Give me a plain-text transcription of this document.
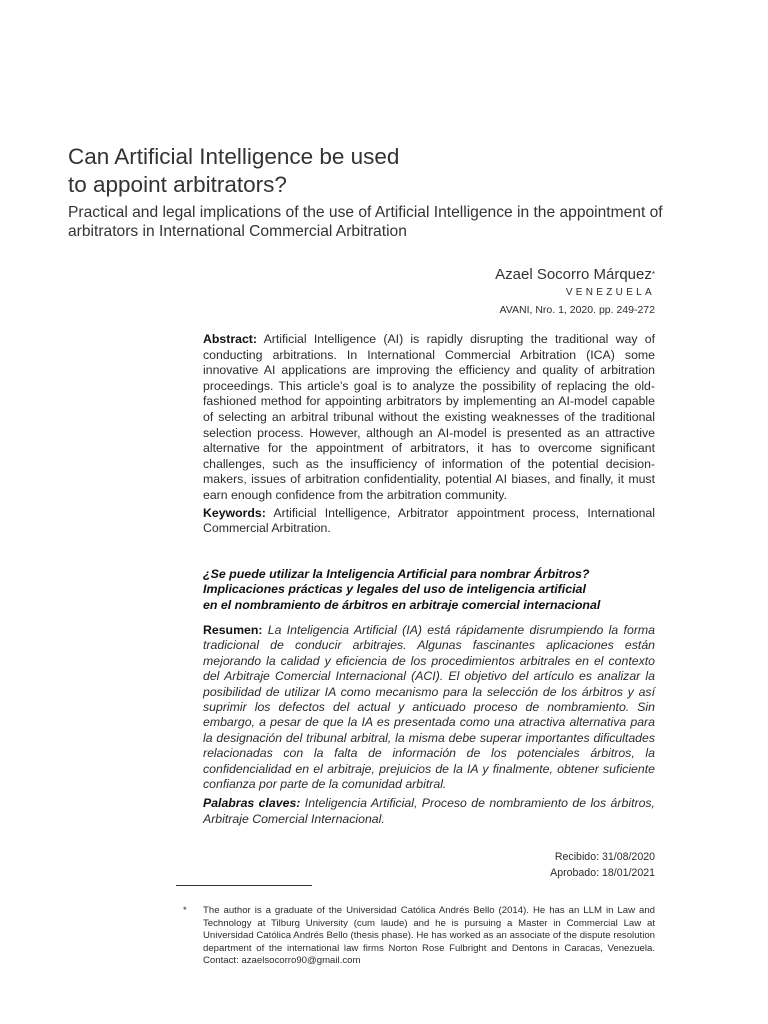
Can Artificial Intelligence be used
to appoint arbitrators?

Practical and legal implications of the use of Artificial Intelligence in the appointment of arbitrators in International Commercial Arbitration

Azael Socorro Márquez*
VENEZUELA
AVANI, Nro. 1, 2020. pp. 249-272

Abstract: Artificial Intelligence (AI) is rapidly disrupting the traditional way of conducting arbitrations. In International Commercial Arbitration (ICA) some innovative AI applications are improving the efficiency and quality of arbitration proceedings. This article’s goal is to analyze the possibility of replacing the old-fashioned method for appointing arbitrators by implementing an AI-model capable of selecting an arbitral tribunal without the existing weaknesses of the traditional selection process. However, although an AI-model is presented as an attractive alternative for the appointment of arbitrators, it has to overcome significant challenges, such as the insufficiency of information of the potential decision-makers, issues of arbitration confidentiality, potential AI biases, and finally, it must earn enough confidence from the arbitration community.

Keywords: Artificial Intelligence, Arbitrator appointment process, International Commercial Arbitration.

¿Se puede utilizar la Inteligencia Artificial para nombrar Árbitros?
Implicaciones prácticas y legales del uso de inteligencia artificial
en el nombramiento de árbitros en arbitraje comercial internacional

Resumen: La Inteligencia Artificial (IA) está rápidamente disrumpiendo la forma tradicional de conducir arbitrajes. Algunas fascinantes aplicaciones están mejorando la calidad y eficiencia de los procedimientos arbitrales en el contexto del Arbitraje Comercial Internacional (ACI). El objetivo del artículo es analizar la posibilidad de utilizar IA como mecanismo para la selección de los árbitros y así suprimir los defectos del actual y anticuado proceso de nombramiento. Sin embargo, a pesar de que la IA es presentada como una atractiva alternativa para la designación del tribunal arbitral, la misma debe superar importantes dificultades relacionadas con la falta de información de los potenciales árbitros, la confidencialidad en el arbitraje, prejuicios de la IA y finalmente, obtener suficiente confianza por parte de la comunidad arbitral.

Palabras claves: Inteligencia Artificial, Proceso de nombramiento de los árbitros, Arbitraje Comercial Internacional.

Recibido: 31/08/2020
Aprobado: 18/01/2021
* The author is a graduate of the Universidad Católica Andrés Bello (2014). He has an LLM in Law and Technology at Tilburg University (cum laude) and he is pursuing a Master in Commercial Law at Universidad Católica Andrés Bello (thesis phase). He has worked as an associate of the dispute resolution department of the international law firms Norton Rose Fulbright and Dentons in Caracas, Venezuela. Contact: azaelsocorro90@gmail.com
